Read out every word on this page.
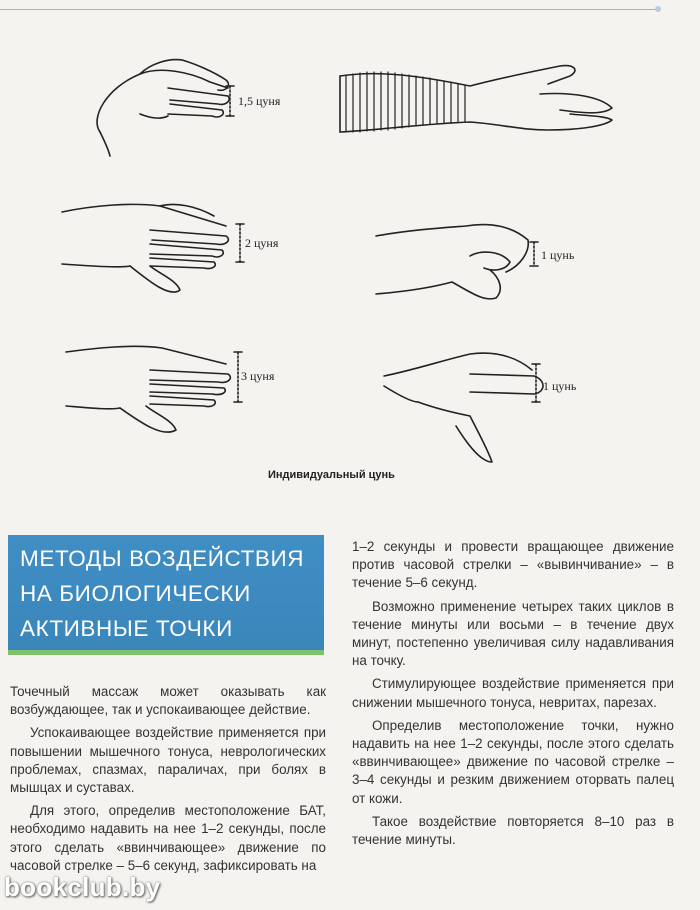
1,5 цуня
2 цуня
3 цуня
1 цунь
1 цунь
Индивидуальный цунь
МЕТОДЫ ВОЗДЕЙСТВИЯ
НА БИОЛОГИЧЕСКИ
АКТИВНЫЕ ТОЧКИ

Точечный массаж может оказывать как возбуждающее, так и успокаивающее действие.

Успокаивающее воздействие применяется при повышении мышечного тонуса, неврологических проблемах, спазмах, параличах, при болях в мышцах и суставах.

Для этого, определив местоположение БАТ, необходимо надавить на нее 1–2 секунды, после этого сделать «ввинчивающее» движение по часовой стрелке – 5–6 секунд, зафиксировать на

1–2 секунды и провести вращающее движение против часовой стрелки – «вывинчивание» – в течение 5–6 секунд.

Возможно применение четырех таких циклов в течение минуты или восьми – в течение двух минут, постепенно увеличивая силу надавливания на точку.

Стимулирующее воздействие применяется при снижении мышечного тонуса, невритах, парезах.

Определив местоположение точки, нужно надавить на нее 1–2 секунды, после этого сделать «ввинчивающее» движение по часовой стрелке – 3–4 секунды и резким движением оторвать палец от кожи.

Такое воздействие повторяется 8–10 раз в течение минуты.

bookclub.by
